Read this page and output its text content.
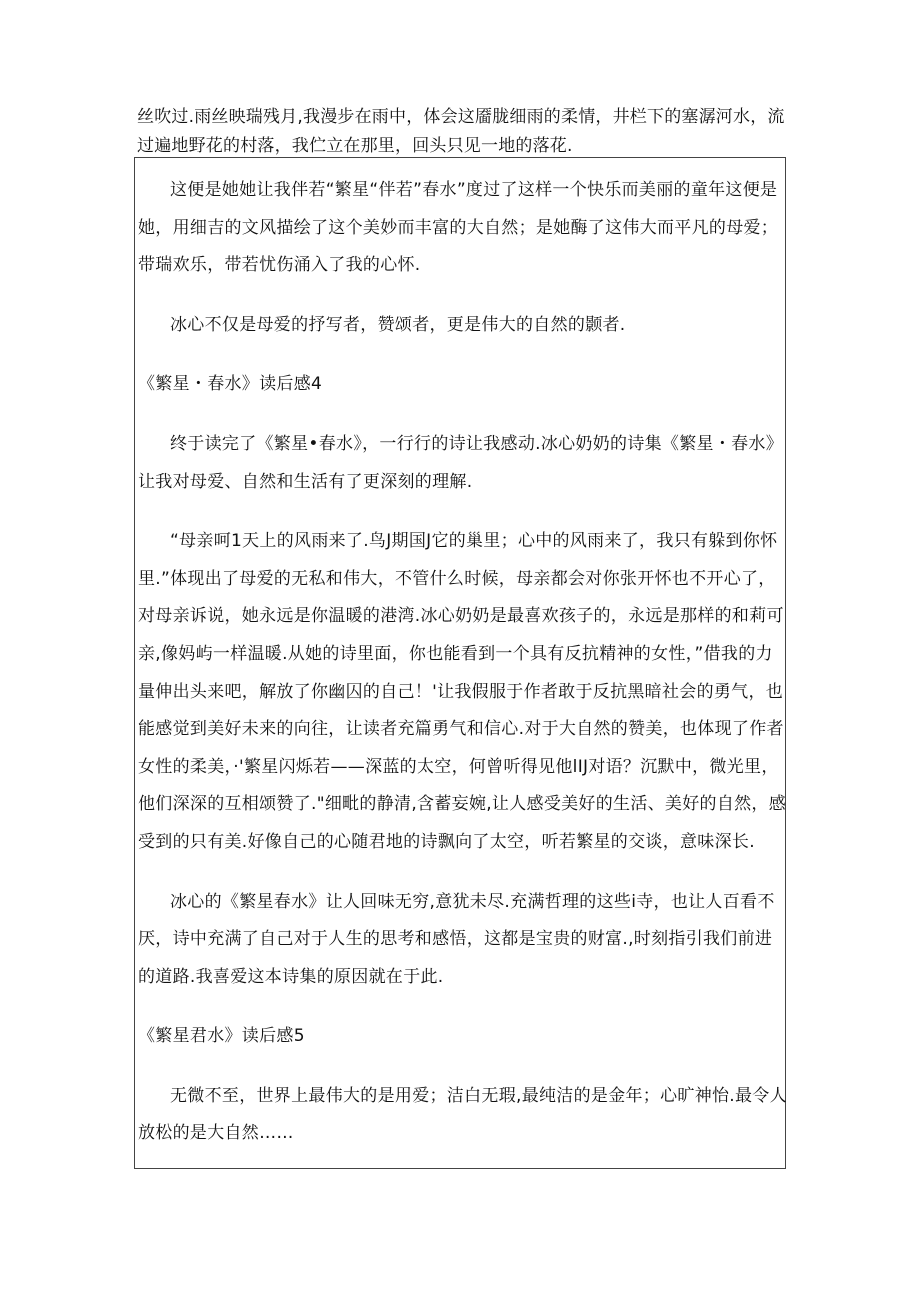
丝吹过.雨丝映瑞残月,我漫步在雨中，体会这靥胧细雨的柔情，井栏下的塞潺河水，流过遍地野花的村落，我伫立在那里，回头只见一地的落花.

这便是她她让我伴若“繁星“伴若”春水”度过了这样一个快乐而美丽的童年这便是她，用细吉的文风描绘了这个美妙而丰富的大自然；是她酶了这伟大而平凡的母爱；带瑞欢乐，带若忧伤涌入了我的心怀.

冰心不仅是母爱的抒写者，赞颂者，更是伟大的自然的颢者.

《繁星・春水》读后感4

终于读完了《繁星•春水》，一行行的诗让我感动.冰心奶奶的诗集《繁星・春水》让我对母爱、自然和生活有了更深刻的理解.

“母亲呵1天上的风雨来了.鸟J期国J它的巢里；心中的风雨来了，我只有躲到你怀里.”体现出了母爱的无私和伟大，不管什么时候，母亲都会对你张开怀也不开心了，对母亲诉说，她永远是你温暖的港湾.冰心奶奶是最喜欢孩子的，永远是那样的和莉可亲,像妈屿一样温暖.从她的诗里面，你也能看到一个具有反抗精神的女性，”借我的力量伸出头来吧，解放了你幽囚的自己！'让我假服于作者敢于反抗黑暗社会的勇气，也能感觉到美好未来的向往，让读者充篇勇气和信心.对于大自然的赞美，也体现了作者女性的柔美，·'繁星闪烁若——深蓝的太空，何曾听得见他lIJ对语？沉默中，微光里，他们深深的互相颂赞了."细毗的静清,含蓄妄婉,让人感受美好的生活、美好的自然，感受到的只有美.好像自己的心随君地的诗飘向了太空，听若繁星的交谈，意味深长.

冰心的《繁星春水》让人回味无穷,意犹未尽.充满哲理的这些i寺，也让人百看不厌，诗中充满了自己对于人生的思考和感悟，这都是宝贵的财富.,时刻指引我们前进的道路.我喜爱这本诗集的原因就在于此.

《繁星君水》读后感5

无微不至，世界上最伟大的是用爱；洁白无瑕,最纯洁的是金年；心旷神怡.最令人放松的是大自然……
